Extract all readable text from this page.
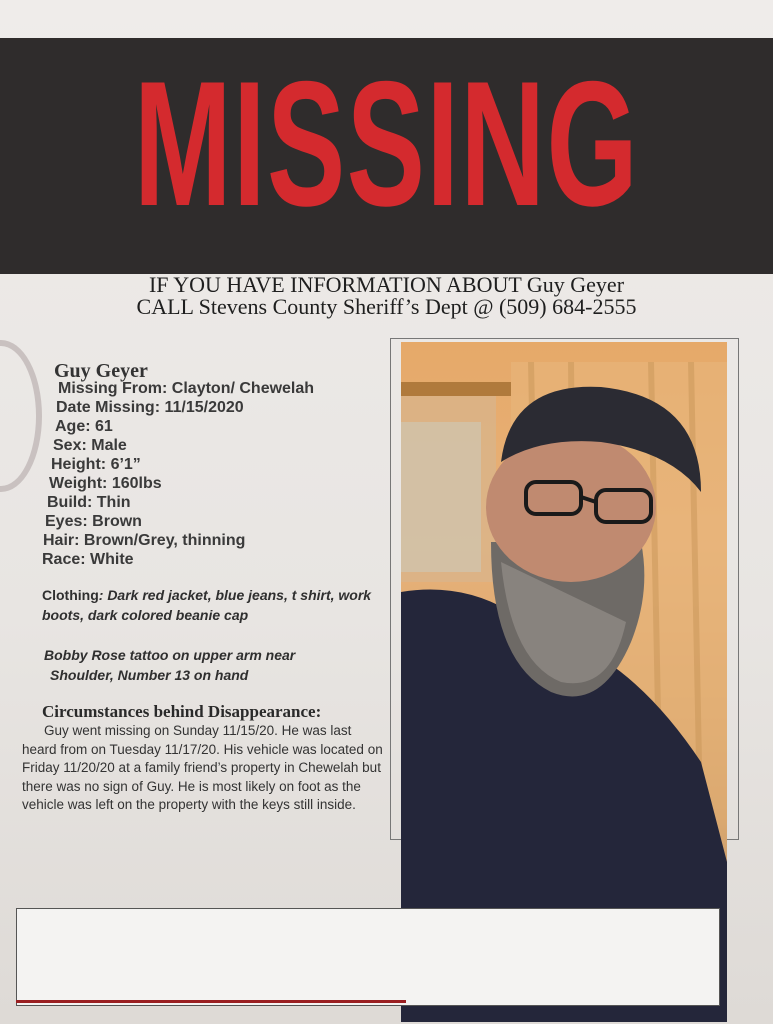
MISSING
IF YOU HAVE INFORMATION ABOUT Guy Geyer
CALL Stevens County Sheriff’s Dept @ (509) 684-2555
Guy Geyer
Missing From: Clayton/ Chewelah
Date Missing: 11/15/2020
Age: 61
Sex: Male
Height: 6’1”
Weight: 160lbs
Build: Thin
Eyes: Brown
Hair: Brown/Grey, thinning
Race: White
Clothing: Dark red jacket, blue jeans, t shirt, work boots, dark colored beanie cap
Bobby Rose tattoo on upper arm near
Shoulder, Number 13 on hand
Circumstances behind Disappearance:
Guy went missing on Sunday 11/15/20. He was last heard from on Tuesday 11/17/20. His vehicle was located on Friday 11/20/20 at a family friend’s property in Chewelah but there was no sign of Guy. He is most likely on foot as the vehicle was left on the property with the keys still inside.
